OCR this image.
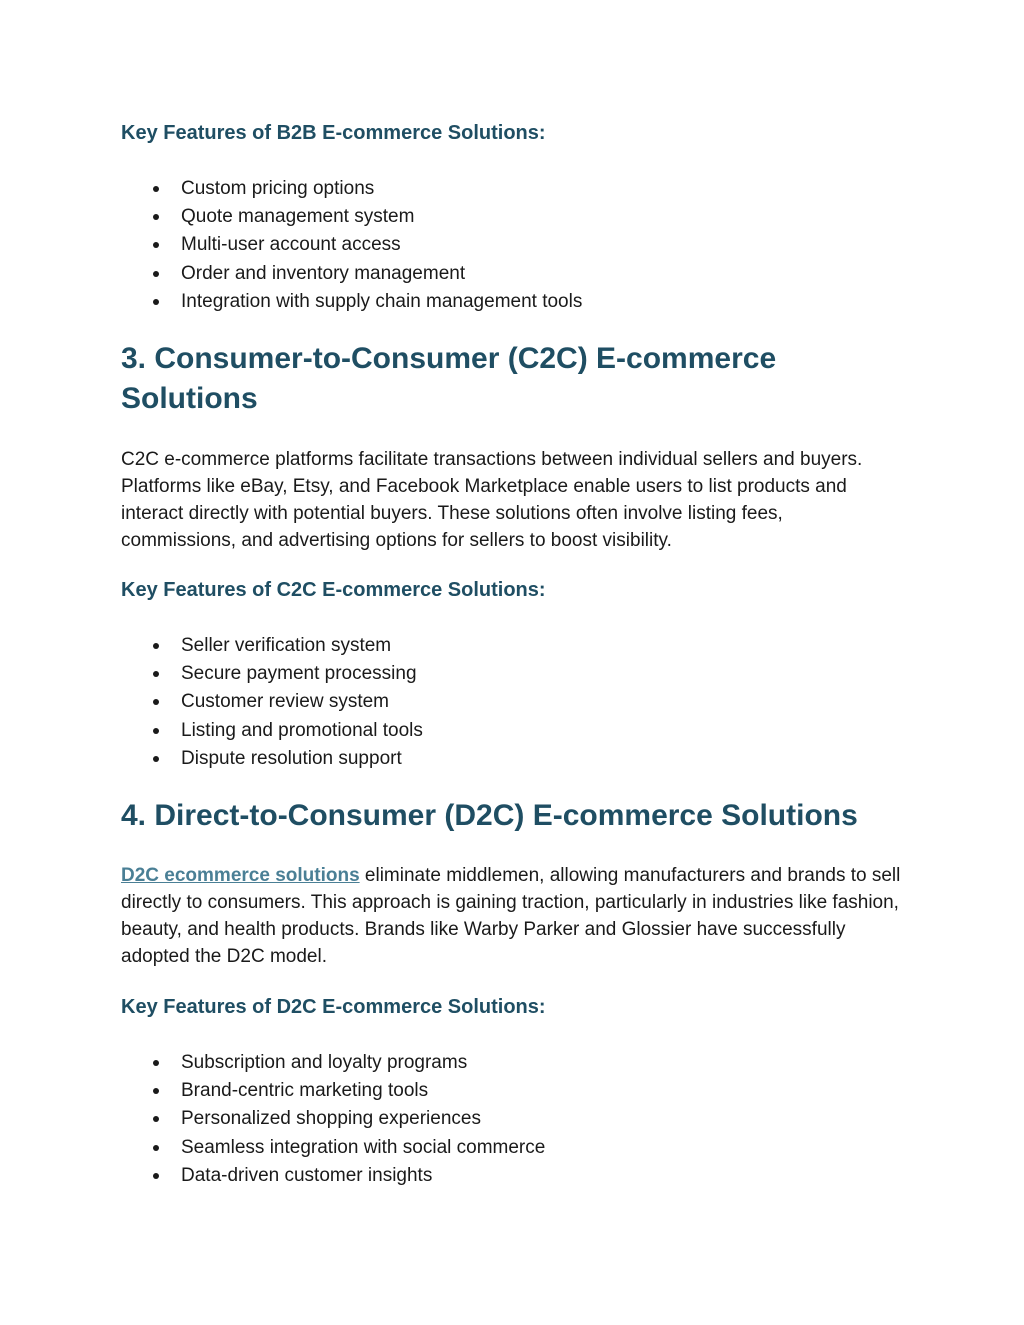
Key Features of B2B E-commerce Solutions:
Custom pricing options
Quote management system
Multi-user account access
Order and inventory management
Integration with supply chain management tools
3. Consumer-to-Consumer (C2C) E-commerce Solutions

C2C e-commerce platforms facilitate transactions between individual sellers and buyers. Platforms like eBay, Etsy, and Facebook Marketplace enable users to list products and interact directly with potential buyers. These solutions often involve listing fees, commissions, and advertising options for sellers to boost visibility.

Key Features of C2C E-commerce Solutions:
Seller verification system
Secure payment processing
Customer review system
Listing and promotional tools
Dispute resolution support
4. Direct-to-Consumer (D2C) E-commerce Solutions

D2C ecommerce solutions eliminate middlemen, allowing manufacturers and brands to sell directly to consumers. This approach is gaining traction, particularly in industries like fashion, beauty, and health products. Brands like Warby Parker and Glossier have successfully adopted the D2C model.

Key Features of D2C E-commerce Solutions:
Subscription and loyalty programs
Brand-centric marketing tools
Personalized shopping experiences
Seamless integration with social commerce
Data-driven customer insights
